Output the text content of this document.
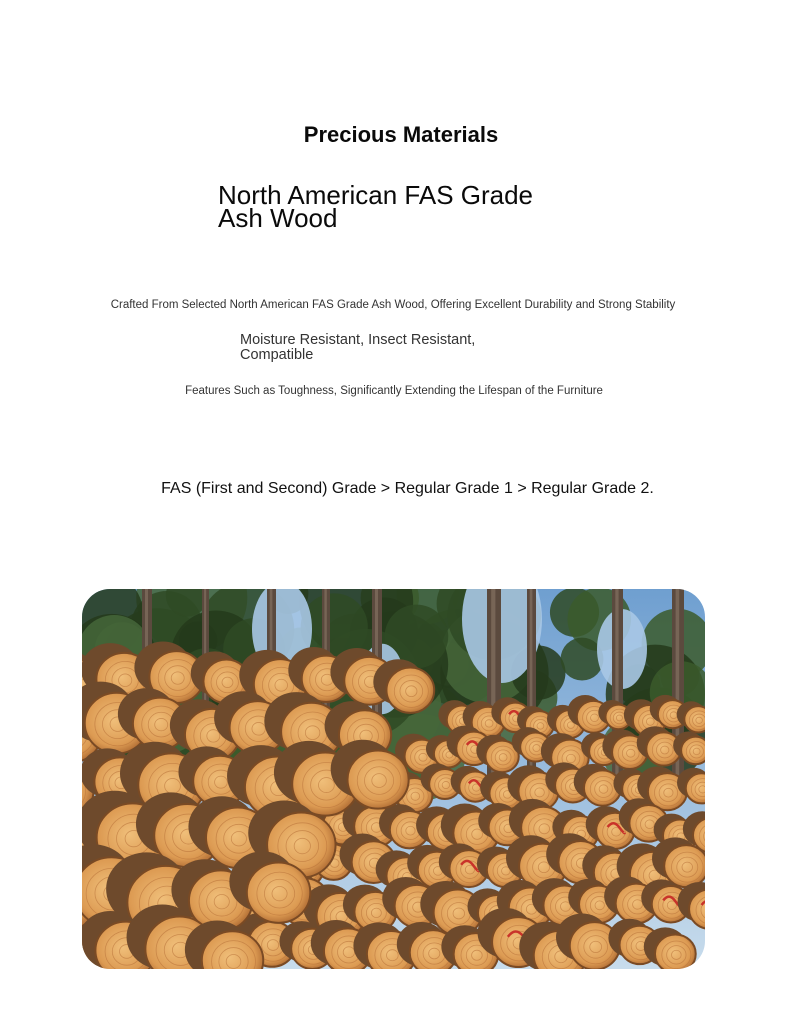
Precious Materials
North American FAS Grade
Ash Wood

Crafted From Selected North American FAS Grade Ash Wood, Offering Excellent Durability and Strong Stability

Moisture Resistant, Insect Resistant,
Compatible

Features Such as Toughness, Significantly Extending the Lifespan of the Furniture

FAS (First and Second) Grade > Regular Grade 1 > Regular Grade 2.
